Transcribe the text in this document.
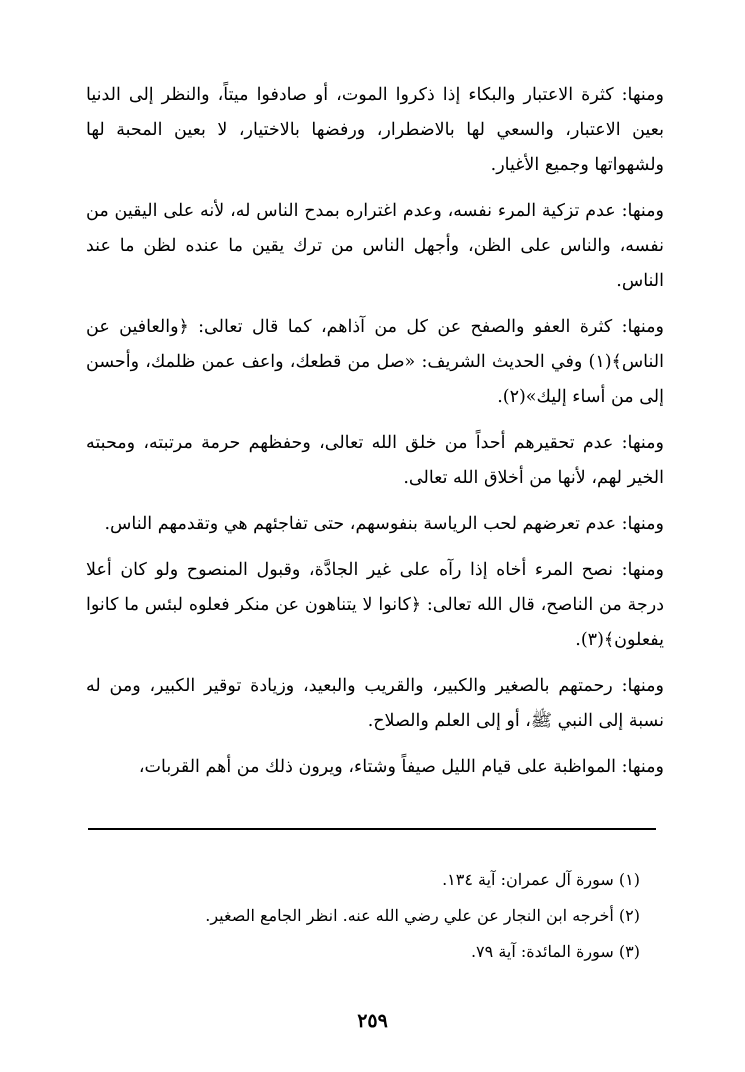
ومنها: كثرة الاعتبار والبكاء إذا ذكروا الموت، أو صادفوا ميتاً، والنظر إلى الدنيا بعين الاعتبار، والسعي لها بالاضطرار، ورفضها بالاختيار، لا بعين المحبة لها ولشهواتها وجميع الأغيار.

ومنها: عدم تزكية المرء نفسه، وعدم اغتراره بمدح الناس له، لأنه على اليقين من نفسه، والناس على الظن، وأجهل الناس من ترك يقين ما عنده لظن ما عند الناس.

ومنها: كثرة العفو والصفح عن كل من آذاهم، كما قال تعالى: ﴿والعافين عن الناس﴾(١) وفي الحديث الشريف: «صل من قطعك، واعف عمن ظلمك، وأحسن إلى من أساء إليك»(٢).

ومنها: عدم تحقيرهم أحداً من خلق الله تعالى، وحفظهم حرمة مرتبته، ومحبته الخير لهم، لأنها من أخلاق الله تعالى.

ومنها: عدم تعرضهم لحب الرياسة بنفوسهم، حتى تفاجئهم هي وتقدمهم الناس.

ومنها: نصح المرء أخاه إذا رآه على غير الجادَّة، وقبول المنصوح ولو كان أعلا درجة من الناصح، قال الله تعالى: ﴿كانوا لا يتناهون عن منكر فعلوه لبئس ما كانوا يفعلون﴾(٣).

ومنها: رحمتهم بالصغير والكبير، والقريب والبعيد، وزيادة توقير الكبير، ومن له نسبة إلى النبي ﷺ، أو إلى العلم والصلاح.

ومنها: المواظبة على قيام الليل صيفاً وشتاء، ويرون ذلك من أهم القربات،

(١) سورة آل عمران: آية ١٣٤.

(٢) أخرجه ابن النجار عن علي رضي الله عنه. انظر الجامع الصغير.

(٣) سورة المائدة: آية ٧٩.

٢٥٩
